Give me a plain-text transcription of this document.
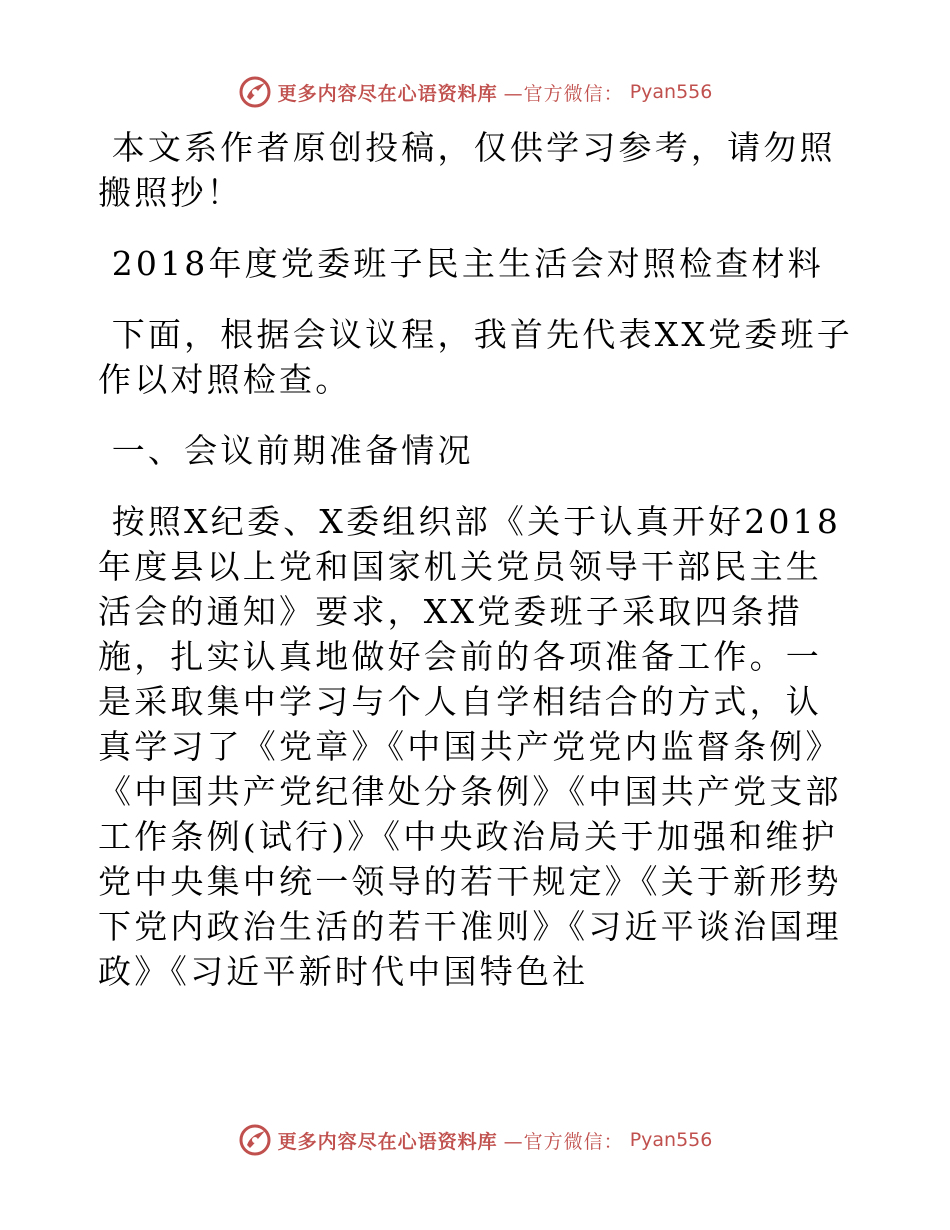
更多内容尽在心语资料库 —官方微信： Pyan556

本文系作者原创投稿，仅供学习参考，请勿照搬照抄！

2018年度党委班子民主生活会对照检查材料

下面，根据会议议程，我首先代表XX党委班子作以对照检查。

一、会议前期准备情况

按照X纪委、X委组织部《关于认真开好2018年度县以上党和国家机关党员领导干部民主生活会的通知》要求，XX党委班子采取四条措施，扎实认真地做好会前的各项准备工作。一是采取集中学习与个人自学相结合的方式，认真学习了《党章》《中国共产党党内监督条例》《中国共产党纪律处分条例》《中国共产党支部工作条例(试行)》《中央政治局关于加强和维护党中央集中统一领导的若干规定》《关于新形势下党内政治生活的若干准则》《习近平谈治国理政》《习近平新时代中国特色社

更多内容尽在心语资料库 —官方微信： Pyan556
